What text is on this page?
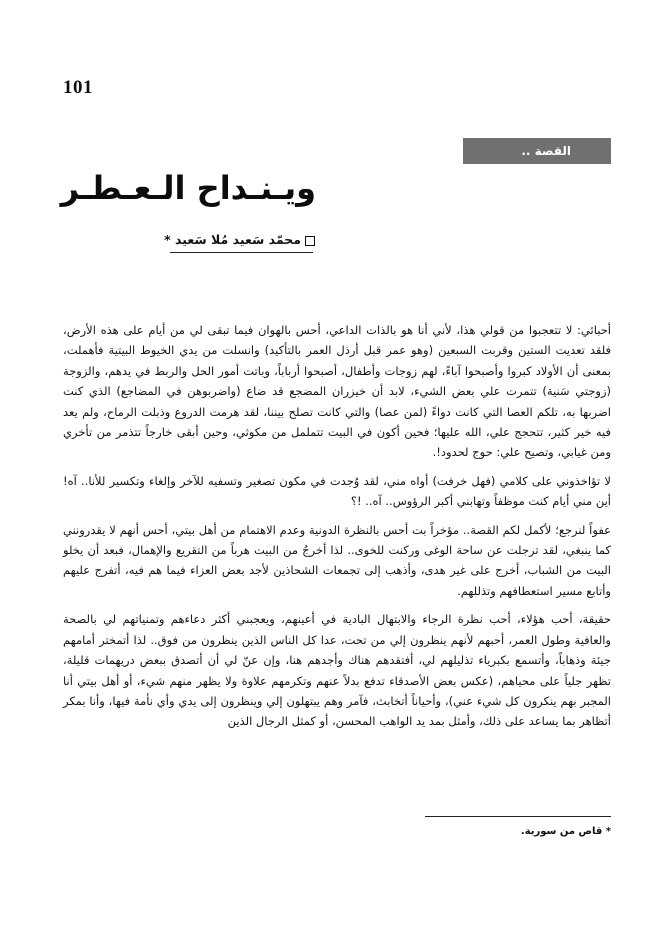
101
القصة ..
ويـنـداح الـعـطـر
محمّد سَعيد مُلا سَعيد *

أحبائي: لا تتعجبوا من قولي هذا، لأني أنا هو بالذات الداعي، أحس بالهوان فيما تبقى لي من أيام على هذه الأرض، فلقد تعديت الستين وقربت السبعين (وهو عمر قبل أرذل العمر بالتأكيد) وانسلت من يدي الخيوط البيتية فأهملت، بمعنى أن الأولاد كبروا وأصبحوا آباءً، لهم زوجات وأطفال، أصبحوا أرباباً، وباتت أمور الحل والربط في يدهم، والزوجة (زوجتي سَنية) تتمرت علي بعض الشيء، لابد أن خيزران المضجع قد ضاع (واضربوهن في المضاجع) الذي كنت اضربها به، تلكم العصا التي كانت دواءً (لمن عصا) والتي كانت تصلح بيننا، لقد هرمت الدروع وذبلت الرماح، ولم يعد فيه خير كثير، تتحجج علي، الله عليها؛ فحين أكون في البيت تتململ من مكوثي، وحين أبقى خارجاً تتذمر من تأخري ومن غيابي، وتصيح علي: حوج لحدود!.

لا تؤاخذوني على كلامي (فهل خرفت) أواه مني، لقد وُجدت في مكون تصغير وتسفيه للآخر وإلغاء وتكسير للأنا.. آه! أين مني أيام كنت موظفاً وتهابني أكبر الرؤوس.. آه.. !؟

عفواً لنرجع؛ لأكمل لكم القصة.. مؤخراً بت أحس بالنظرة الدونية وعدم الاهتمام من أهل بيتي، أحس أنهم لا يقدرونني كما ينبغي، لقد ترجلت عن ساحة الوغى وركنت للخوى.. لذا أخرجُ من البيت هرباً من التقريع والإهمال، فبعد أن يخلو البيت من الشباب، أخرج على غير هدى، وأذهب إلى تجمعات الشحاذين لأجد بعض العزاء فيما هم فيه، أتفرج عليهم وأتابع مسير استعطافهم وتذللهم.

حقيقة، أحب هؤلاء، أحب نظرة الرجاء والابتهال البادية في أعينهم، ويعجبني أكثر دعاءهم وتمنياتهم لي بالصحة والعافية وطول العمر، أحبهم لأنهم ينظرون إلي من تحت، عدا كل الناس الذين ينظرون من فوق.. لذا أتمختر أمامهم جيئة وذهاباً، وأتسمع بكبرياء تذليلهم لي، أفتقدهم هناك وأجدهم هنا، وإن عنّ لي أن أتصدق ببعض دريهمات قليلة، تظهر جلياً على محياهم، (عكس بعض الأصدقاء تدفع بدلاً عنهم وتكرمهم علاوة ولا يظهر منهم شيء، أو أهل بيتي أنا المجبر بهم ينكرون كل شيء عني)، وأحياناً أتخابث، فآمر وهم يبتهلون إلي وينظرون إلى يدي وأي نأمة فيها، وأنا بمكر أتظاهر بما يساعد على ذلك، وأمثل بمد يد الواهب المحسن، أو كمثل الرجال الذين

* قاص من سورية.
